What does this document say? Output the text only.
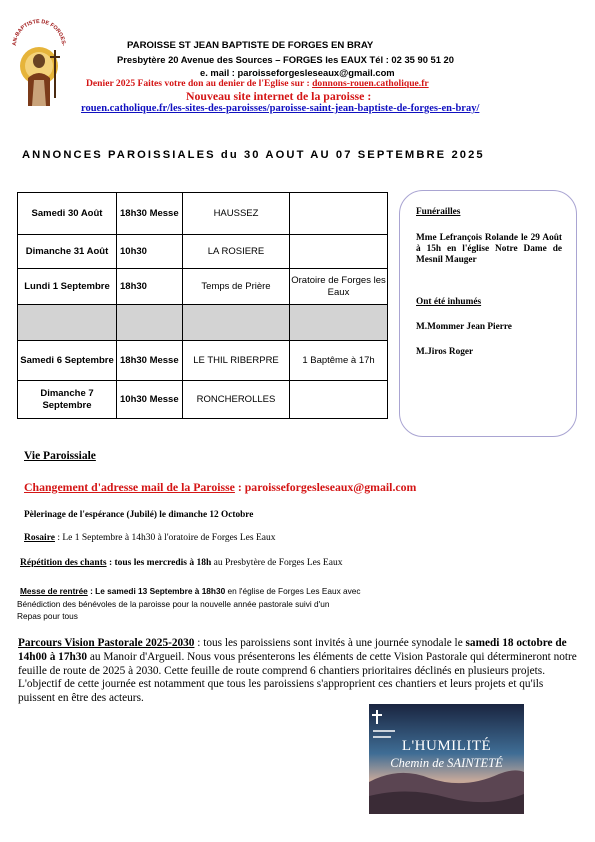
AN-BAPTISTE DE FORGES-	PAROISSE ST JEAN BAPTISTE DE FORGES EN BRAY
Presbytère 20 Avenue des Sources – FORGES les EAUX Tél : 02 35 90 51 20
e. mail : paroisseforgesleseaux@gmail.com
Denier 2025 Faites votre don au denier de l'Eglise sur : donnons-rouen.catholique.fr
Nouveau site internet de la paroisse :
rouen.catholique.fr/les-sites-des-paroisses/paroisse-saint-jean-baptiste-de-forges-en-bray/
ANNONCES PAROISSIALES du 30 AOUT AU 07 SEPTEMBRE 2025
Samedi 30 Août	18h30 Messe	HAUSSEZ	
Dimanche 31 Août	10h30	LA ROSIERE	
Lundi 1 Septembre	18h30	Temps de Prière	Oratoire de Forges les Eaux

Samedi 6 Septembre	18h30 Messe	LE THIL RIBERPRE	1 Baptême à 17h
Dimanche 7 Septembre	10h30 Messe	RONCHEROLLES	
Funérailles
Mme Lefrançois Rolande le 29 Août à 15h en l'église Notre Dame de Mesnil Mauger
Ont été inhumés
M.Mommer Jean Pierre
M.Jiros Roger
Vie Paroissiale
Changement d'adresse mail de la Paroisse : paroisseforgesleseaux@gmail.com
Pèlerinage de l'espérance (Jubilé) le dimanche 12 Octobre
Rosaire : Le 1 Septembre à 14h30 à l'oratoire de Forges Les Eaux
Répétition des chants : tous les mercredis à 18h au Presbytère de Forges Les Eaux
Messe de rentrée : Le samedi 13 Septembre à 18h30 en l'église de Forges Les Eaux avec
Bénédiction des bénévoles de la paroisse pour la nouvelle année pastorale suivi d'un
Repas pour tous
Parcours Vision Pastorale 2025-2030 : tous les paroissiens sont invités à une journée synodale le samedi 18 octobre de 14h00 à 17h30 au Manoir d'Argueil. Nous vous présenterons les éléments de cette Vision Pastorale qui détermineront notre feuille de route de 2025 à 2030. Cette feuille de route comprend 6 chantiers prioritaires déclinés en plusieurs projets. L'objectif de cette journée est notamment que tous les paroissiens s'approprient ces chantiers et leurs projets et qu'ils puissent en être des acteurs.
L'HUMILITÉ
Chemin de SAINTETÉ
